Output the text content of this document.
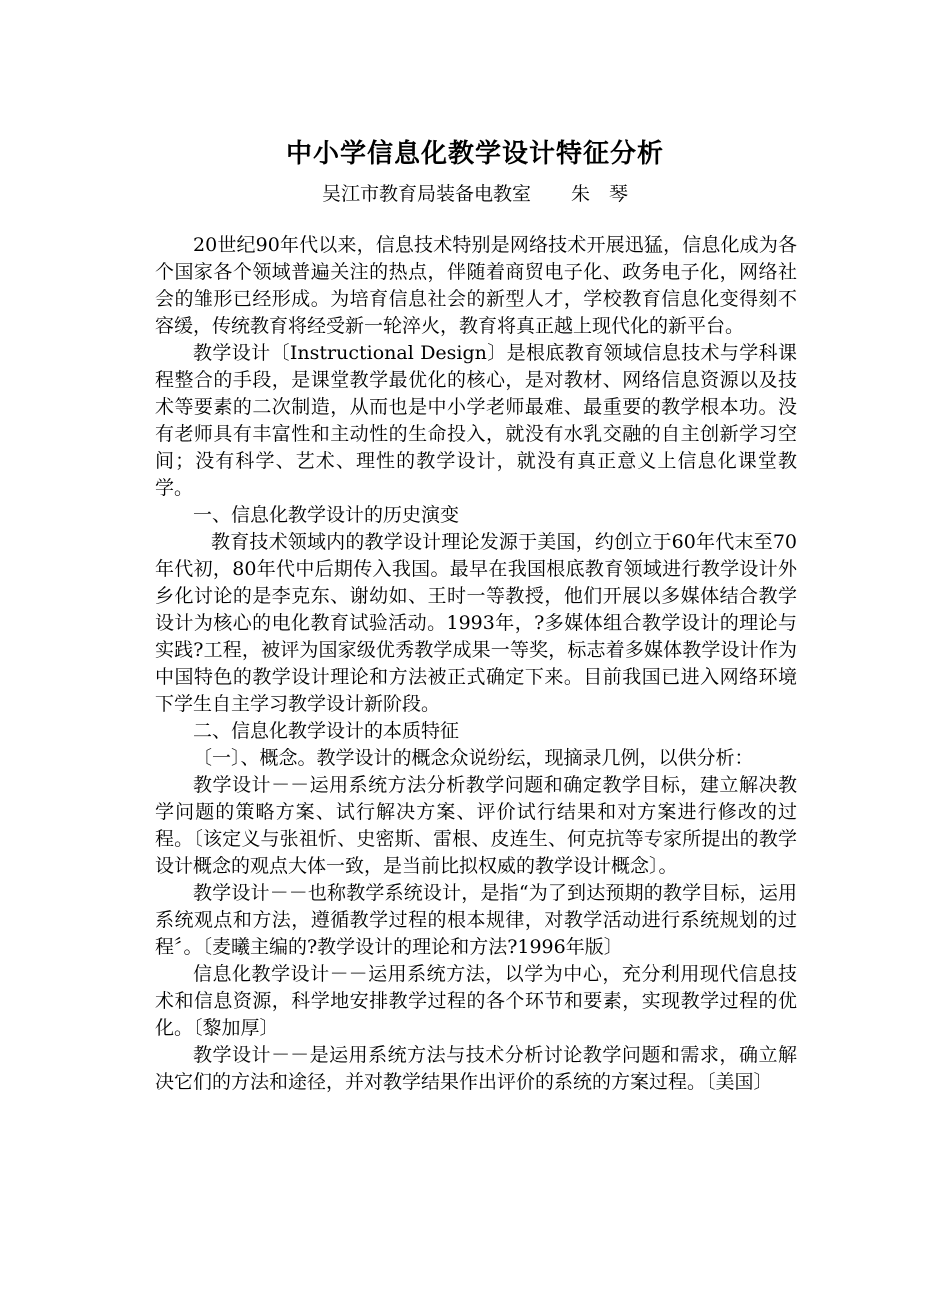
中小学信息化教学设计特征分析
吴江市教育局装备电教室 朱　琴

20世纪90年代以来，信息技术特别是网络技术开展迅猛，信息化成为各个国家各个领域普遍关注的热点，伴随着商贸电子化、政务电子化，网络社会的雏形已经形成。为培育信息社会的新型人才，学校教育信息化变得刻不容缓，传统教育将经受新一轮淬火，教育将真正越上现代化的新平台。

教学设计〔Instructional Design〕是根底教育领域信息技术与学科课程整合的手段，是课堂教学最优化的核心，是对教材、网络信息资源以及技术等要素的二次制造，从而也是中小学老师最难、最重要的教学根本功。没有老师具有丰富性和主动性的生命投入，就没有水乳交融的自主创新学习空间；没有科学、艺术、理性的教学设计，就没有真正意义上信息化课堂教学。

一、信息化教学设计的历史演变

教育技术领域内的教学设计理论发源于美国，约创立于60年代末至70年代初，80年代中后期传入我国。最早在我国根底教育领域进行教学设计外乡化讨论的是李克东、谢幼如、王时一等教授，他们开展以多媒体结合教学设计为核心的电化教育试验活动。1993年，?多媒体组合教学设计的理论与实践?工程，被评为国家级优秀教学成果一等奖，标志着多媒体教学设计作为中国特色的教学设计理论和方法被正式确定下来。目前我国已进入网络环境下学生自主学习教学设计新阶段。

二、信息化教学设计的本质特征

〔一〕、概念。教学设计的概念众说纷纭，现摘录几例，以供分析：

教学设计－－运用系统方法分析教学问题和确定教学目标，建立解决教学问题的策略方案、试行解决方案、评价试行结果和对方案进行修改的过程。〔该定义与张祖忻、史密斯、雷根、皮连生、何克抗等专家所提出的教学设计概念的观点大体一致，是当前比拟权威的教学设计概念〕。

教学设计－－也称教学系统设计，是指“为了到达预期的教学目标，运用系统观点和方法，遵循教学过程的根本规律，对教学活动进行系统规划的过程〞。〔麦曦主编的?教学设计的理论和方法?1996年版〕

信息化教学设计－－运用系统方法，以学为中心，充分利用现代信息技术和信息资源，科学地安排教学过程的各个环节和要素，实现教学过程的优化。〔黎加厚〕

教学设计－－是运用系统方法与技术分析讨论教学问题和需求，确立解决它们的方法和途径，并对教学结果作出评价的系统的方案过程。〔美国〕
